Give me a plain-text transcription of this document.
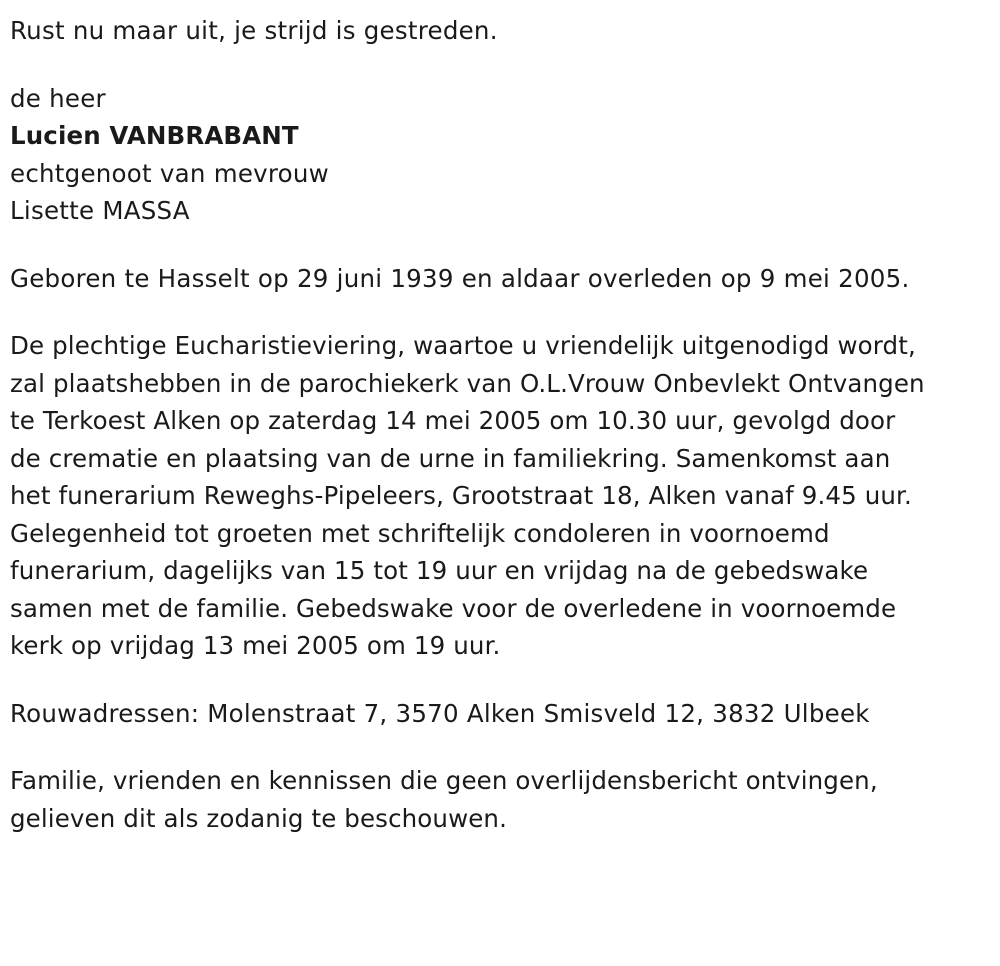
Rust nu maar uit, je strijd is gestreden.

de heer
Lucien VANBRABANT
echtgenoot van mevrouw
Lisette MASSA

Geboren te Hasselt op 29 juni 1939 en aldaar overleden op 9 mei 2005.

De plechtige Eucharistieviering, waartoe u vriendelijk uitgenodigd wordt,
zal plaatshebben in de parochiekerk van O.L.Vrouw Onbevlekt Ontvangen
te Terkoest Alken op zaterdag 14 mei 2005 om 10.30 uur, gevolgd door
de crematie en plaatsing van de urne in familiekring. Samenkomst aan
het funerarium Reweghs-Pipeleers, Grootstraat 18, Alken vanaf 9.45 uur.
Gelegenheid tot groeten met schriftelijk condoleren in voornoemd
funerarium, dagelijks van 15 tot 19 uur en vrijdag na de gebedswake
samen met de familie. Gebedswake voor de overledene in voornoemde
kerk op vrijdag 13 mei 2005 om 19 uur.

Rouwadressen: Molenstraat 7, 3570 Alken Smisveld 12, 3832 Ulbeek

Familie, vrienden en kennissen die geen overlijdensbericht ontvingen,
gelieven dit als zodanig te beschouwen.
